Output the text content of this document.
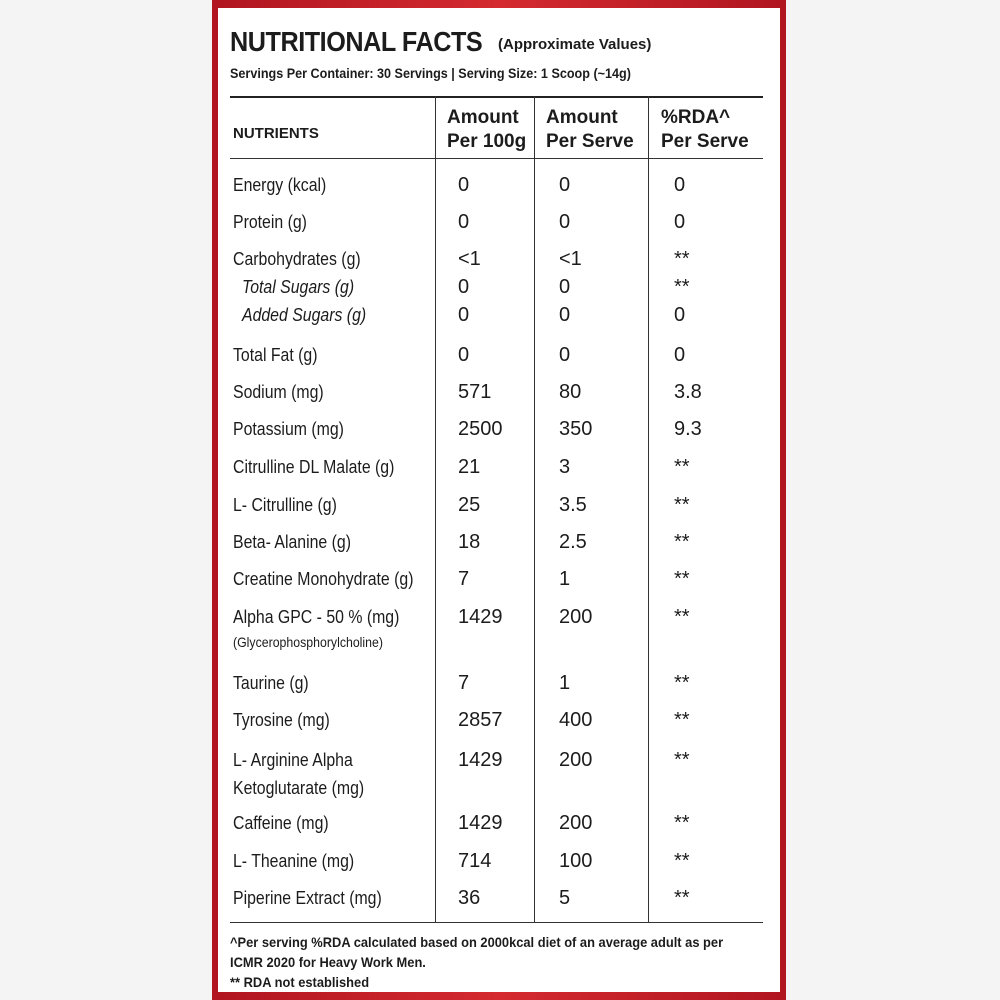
NUTRITIONAL FACTS (Approximate Values)
Servings Per Container: 30 Servings | Serving Size: 1 Scoop (~14g)
NUTRIENTS
Amount
Per 100g
Amount
Per Serve
%RDA^
Per Serve
Energy (kcal)	0	0	0
Protein (g)	0	0	0
Carbohydrates (g)	<1	<1	**
Total Sugars (g)	0	0	**
Added Sugars (g)	0	0	0
Total Fat (g)	0	0	0
Sodium (mg)	571	80	3.8
Potassium (mg)	2500	350	9.3
Citrulline DL Malate (g)	21	3	**
L- Citrulline (g)	25	3.5	**
Beta- Alanine (g)	18	2.5	**
Creatine Monohydrate (g) 7	1	**
Alpha GPC - 50 % (mg)
(Glycerophosphorylcholine)
1429	200	**
Taurine (g)	7	1	**
Tyrosine (mg)	2857	400	**
L- Arginine Alpha
Ketoglutarate (mg)
1429	200	**
Caffeine (mg)	1429	200	**
L- Theanine (mg)	714	100	**
Piperine Extract (mg)	36	5	**
^Per serving %RDA calculated based on 2000kcal diet of an average adult as per ICMR 2020 for Heavy Work Men.
** RDA not established
